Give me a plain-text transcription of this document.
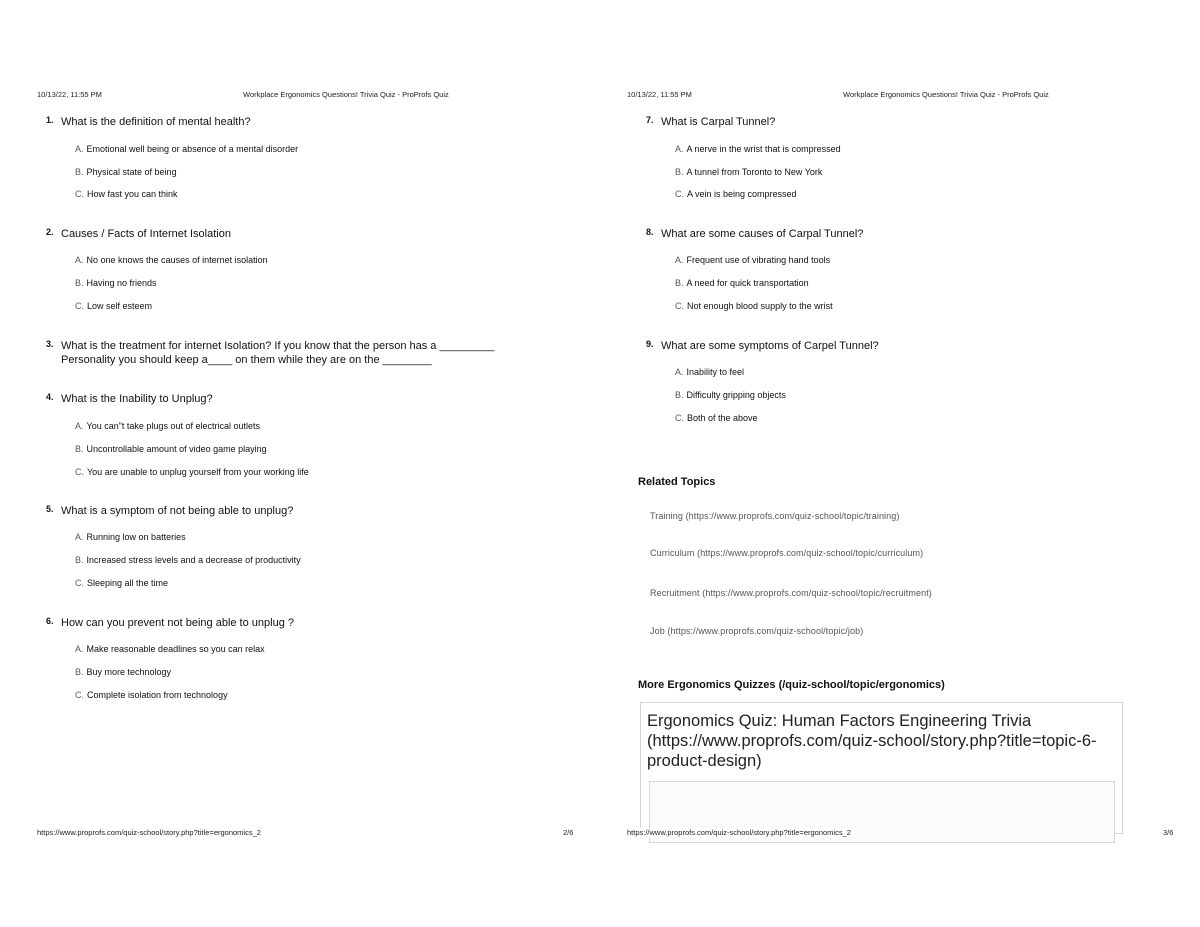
10/13/22, 11:55 PM	Workplace Ergonomics Questions! Trivia Quiz - ProProfs Quiz
1. What is the definition of mental health?
A. Emotional well being or absence of a mental disorder
B. Physical state of being
C. How fast you can think
2. Causes / Facts of Internet Isolation
A. No one knows the causes of internet isolation
B. Having no friends
C. Low self esteem
3. What is the treatment for internet Isolation? If you know that the person has a _________ Personality you should keep a____ on them while they are on the ________
4. What is the Inability to Unplug?
A. You can"t take plugs out of electrical outlets
B. Uncontrollable amount of video game playing
C. You are unable to unplug yourself from your working life
5. What is a symptom of not being able to unplug?
A. Running low on batteries
B. Increased stress levels and a decrease of productivity
C. Sleeping all the time
6. How can you prevent not being able to unplug ?
A. Make reasonable deadlines so you can relax
B. Buy more technology
C. Complete isolation from technology
https://www.proprofs.com/quiz-school/story.php?title=ergonomics_2	2/6
10/13/22, 11:55 PM	Workplace Ergonomics Questions! Trivia Quiz - ProProfs Quiz
7. What is Carpal Tunnel?
A. A nerve in the wrist that is compressed
B. A tunnel from Toronto to New York
C. A vein is being compressed
8. What are some causes of Carpal Tunnel?
A. Frequent use of vibrating hand tools
B. A need for quick transportation
C. Not enough blood supply to the wrist
9. What are some symptoms of Carpel Tunnel?
A. Inability to feel
B. Difficulty gripping objects
C. Both of the above
Related Topics
Training (https://www.proprofs.com/quiz-school/topic/training)
Curriculum (https://www.proprofs.com/quiz-school/topic/curriculum)
Recruitment (https://www.proprofs.com/quiz-school/topic/recruitment)
Job (https://www.proprofs.com/quiz-school/topic/job)
More Ergonomics Quizzes (/quiz-school/topic/ergonomics)
Ergonomics Quiz: Human Factors Engineering Trivia (https://www.proprofs.com/quiz-school/story.php?title=topic-6-product-design)
https://www.proprofs.com/quiz-school/story.php?title=ergonomics_2	3/6
